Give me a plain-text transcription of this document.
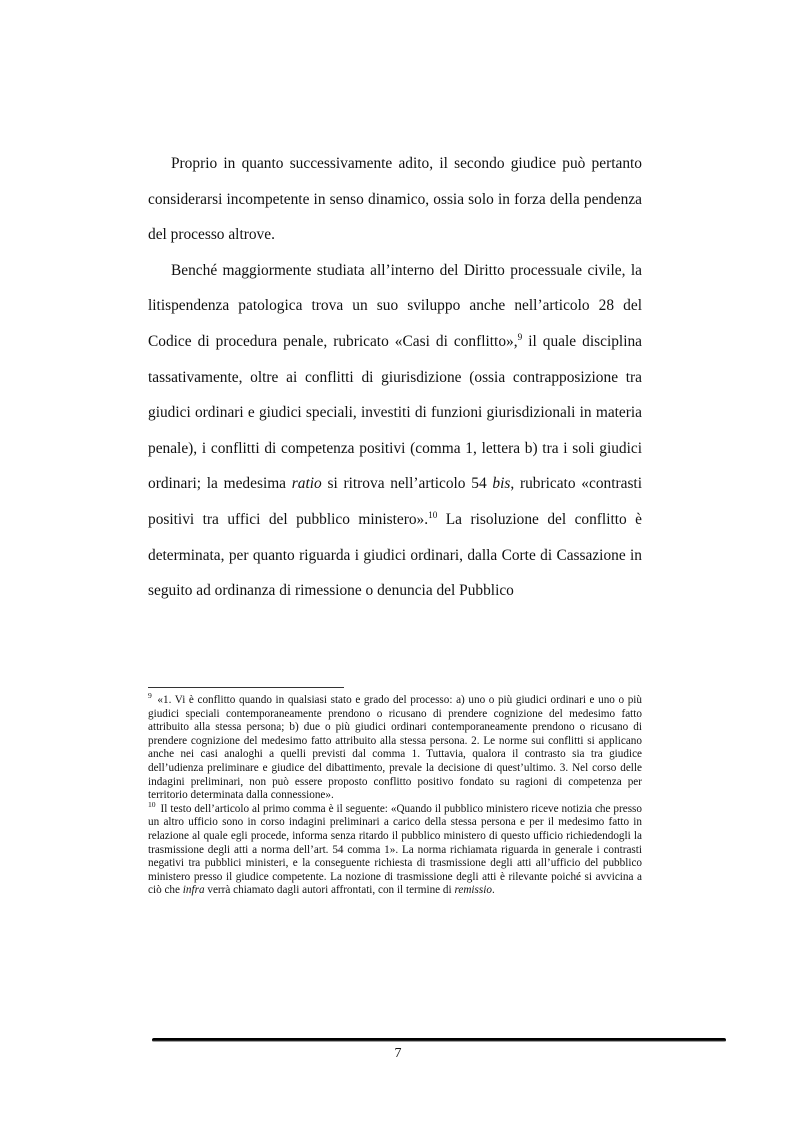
Proprio in quanto successivamente adito, il secondo giudice può pertanto considerarsi incompetente in senso dinamico, ossia solo in forza della pendenza del processo altrove.

Benché maggiormente studiata all’interno del Diritto processuale civile, la litispendenza patologica trova un suo sviluppo anche nell’articolo 28 del Codice di procedura penale, rubricato «Casi di conflitto»,$^9$ il quale disciplina tassativamente, oltre ai conflitti di giurisdizione (ossia contrapposizione tra giudici ordinari e giudici speciali, investiti di funzioni giurisdizionali in materia penale), i conflitti di competenza positivi (comma 1, lettera b) tra i soli giudici ordinari; la medesima ratio si ritrova nell’articolo 54 bis, rubricato «contrasti positivi tra uffici del pubblico ministero».$^{10}$ La risoluzione del conflitto è determinata, per quanto riguarda i giudici ordinari, dalla Corte di Cassazione in seguito ad ordinanza di rimessione o denuncia del Pubblico

$^9$ «1. Vi è conflitto quando in qualsiasi stato e grado del processo: a) uno o più giudici ordinari e uno o più giudici speciali contemporaneamente prendono o ricusano di prendere cognizione del medesimo fatto attribuito alla stessa persona; b) due o più giudici ordinari contemporaneamente prendono o ricusano di prendere cognizione del medesimo fatto attribuito alla stessa persona. 2. Le norme sui conflitti si applicano anche nei casi analoghi a quelli previsti dal comma 1. Tuttavia, qualora il contrasto sia tra giudice dell’udienza preliminare e giudice del dibattimento, prevale la decisione di quest’ultimo. 3. Nel corso delle indagini preliminari, non può essere proposto conflitto positivo fondato su ragioni di competenza per territorio determinata dalla connessione».

$^{10}$ Il testo dell’articolo al primo comma è il seguente: «Quando il pubblico ministero riceve notizia che presso un altro ufficio sono in corso indagini preliminari a carico della stessa persona e per il medesimo fatto in relazione al quale egli procede, informa senza ritardo il pubblico ministero di questo ufficio richiedendogli la trasmissione degli atti a norma dell’art. 54 comma 1». La norma richiamata riguarda in generale i contrasti negativi tra pubblici ministeri, e la conseguente richiesta di trasmissione degli atti all’ufficio del pubblico ministero presso il giudice competente. La nozione di trasmissione degli atti è rilevante poiché si avvicina a ciò che infra verrà chiamato dagli autori affrontati, con il termine di remissio.

7
